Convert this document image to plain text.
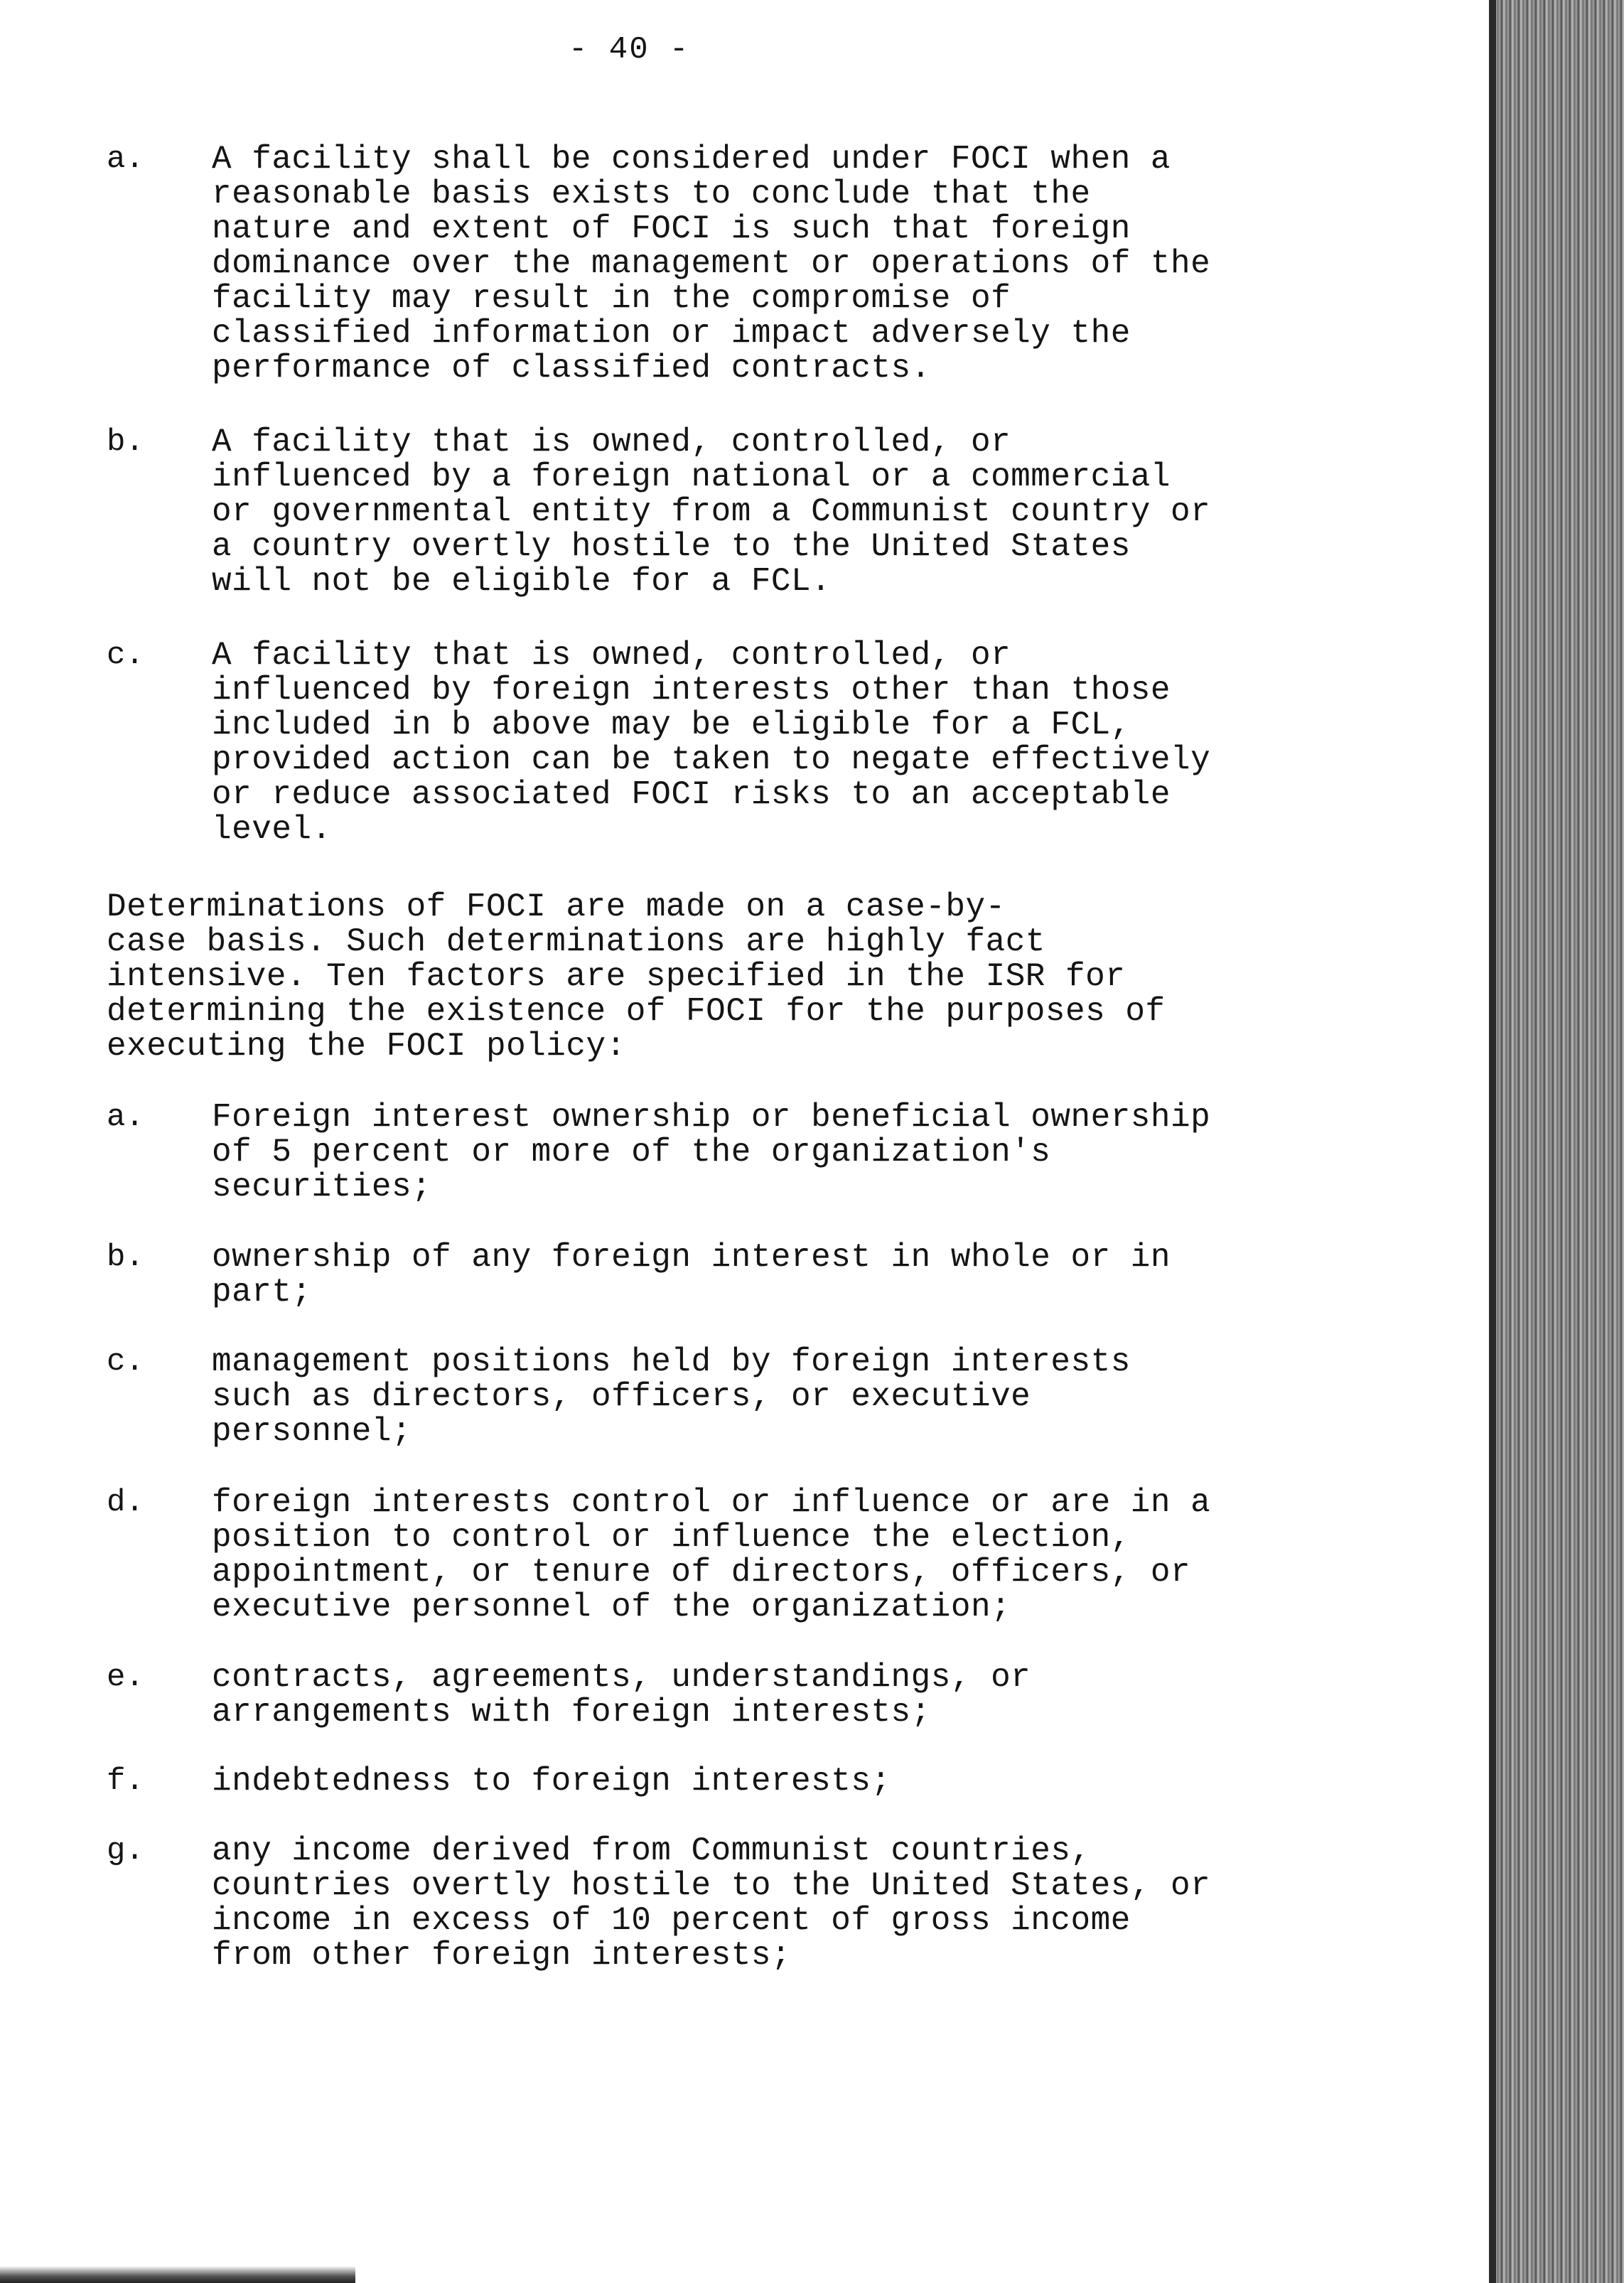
- 40 -
a. A facility shall be considered under FOCI when a
reasonable basis exists to conclude that the
nature and extent of FOCI is such that foreign
dominance over the management or operations of the
facility may result in the compromise of
classified information or impact adversely the
performance of classified contracts.
b. A facility that is owned, controlled, or
influenced by a foreign national or a commercial
or governmental entity from a Communist country or
a country overtly hostile to the United States
will not be eligible for a FCL.
c. A facility that is owned, controlled, or
influenced by foreign interests other than those
included in b above may be eligible for a FCL,
provided action can be taken to negate effectively
or reduce associated FOCI risks to an acceptable
level.
Determinations of FOCI are made on a case-by-
case basis. Such determinations are highly fact
intensive. Ten factors are specified in the ISR for
determining the existence of FOCI for the purposes of
executing the FOCI policy:
a. Foreign interest ownership or beneficial ownership
of 5 percent or more of the organization's
securities;
b. ownership of any foreign interest in whole or in
part;
c. management positions held by foreign interests
such as directors, officers, or executive
personnel;
d. foreign interests control or influence or are in a
position to control or influence the election,
appointment, or tenure of directors, officers, or
executive personnel of the organization;
e. contracts, agreements, understandings, or
arrangements with foreign interests;
f. indebtedness to foreign interests;
g. any income derived from Communist countries,
countries overtly hostile to the United States, or
income in excess of 10 percent of gross income
from other foreign interests;
